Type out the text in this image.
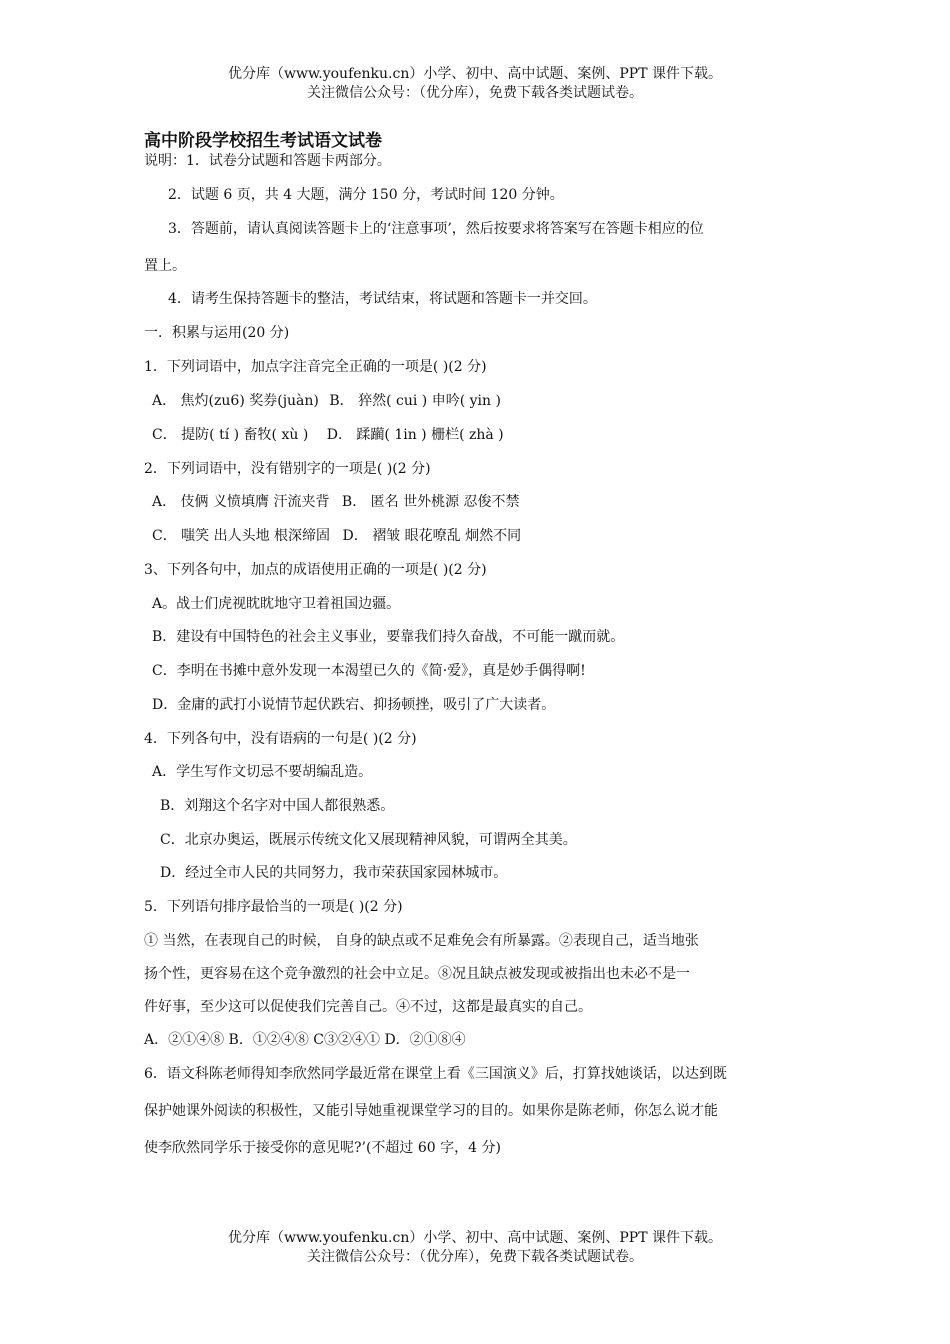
优分库（www.youfenku.cn）小学、初中、高中试题、案例、PPT 课件下载。
关注微信公众号：（优分库），免费下载各类试题试卷。
高中阶段学校招生考试语文试卷
说明：1．试卷分试题和答题卡两部分。
2．试题 6 页，共 4 大题，满分 150 分，考试时间 120 分钟。
3．答题前，请认真阅读答题卡上的‘注意事项’，然后按要求将答案写在答题卡相应的位
置上。
4．请考生保持答题卡的整洁，考试结束，将试题和答题卡一并交回。
一．积累与运用(20 分)
1．下列词语中，加点字注音完全正确的一项是( )(2 分)
A． 焦灼(zu6) 奖券(juàn) B． 猝然( cui ) 申吟( yin )
C． 提防( tí ) 畜牧( xù ) D． 蹂躏( 1in ) 栅栏( zhà )
2．下列词语中，没有错别字的一项是( )(2 分)
A． 伎俩 义愤填膺 汗流夹背 B． 匿名 世外桃源 忍俊不禁
C． 嗤笑 出人头地 根深缔固 D． 褶皱 眼花嘹乱 炯然不同
3、下列各句中，加点的成语使用正确的一项是( )(2 分)
A。战士们虎视眈眈地守卫着祖国边疆。
B．建设有中国特色的社会主义事业，要靠我们持久奋战，不可能一蹴而就。
C．李明在书摊中意外发现一本渴望已久的《简·爱》，真是妙手偶得啊!
D．金庸的武打小说情节起伏跌宕、抑扬顿挫，吸引了广大读者。
4．下列各句中，没有语病的一句是( )(2 分)
A．学生写作文切忌不要胡编乱造。
B．刘翔这个名字对中国人都很熟悉。
C．北京办奥运，既展示传统文化又展现精神风貌，可谓两全其美。
D．经过全市人民的共同努力，我市荣获国家园林城市。
5．下列语句排序最恰当的一项是( )(2 分)
① 当然，在表现自己的时候， 自身的缺点或不足难免会有所暴露。②表现自己，适当地张
扬个性，更容易在这个竞争激烈的社会中立足。⑧况且缺点被发现或被指出也未必不是一
件好事，至少这可以促使我们完善自己。④不过，这都是最真实的自己。
A．②①④⑧ B．①②④⑧ C③②④① D．②①⑧④
6．语文科陈老师得知李欣然同学最近常在课堂上看《三国演义》后，打算找她谈话，以达到既
保护她课外阅读的积极性，又能引导她重视课堂学习的目的。如果你是陈老师，你怎么说才能
使李欣然同学乐于接受你的意见呢?’(不超过 60 字，4 分)
优分库（www.youfenku.cn）小学、初中、高中试题、案例、PPT 课件下载。
关注微信公众号：（优分库），免费下载各类试题试卷。
